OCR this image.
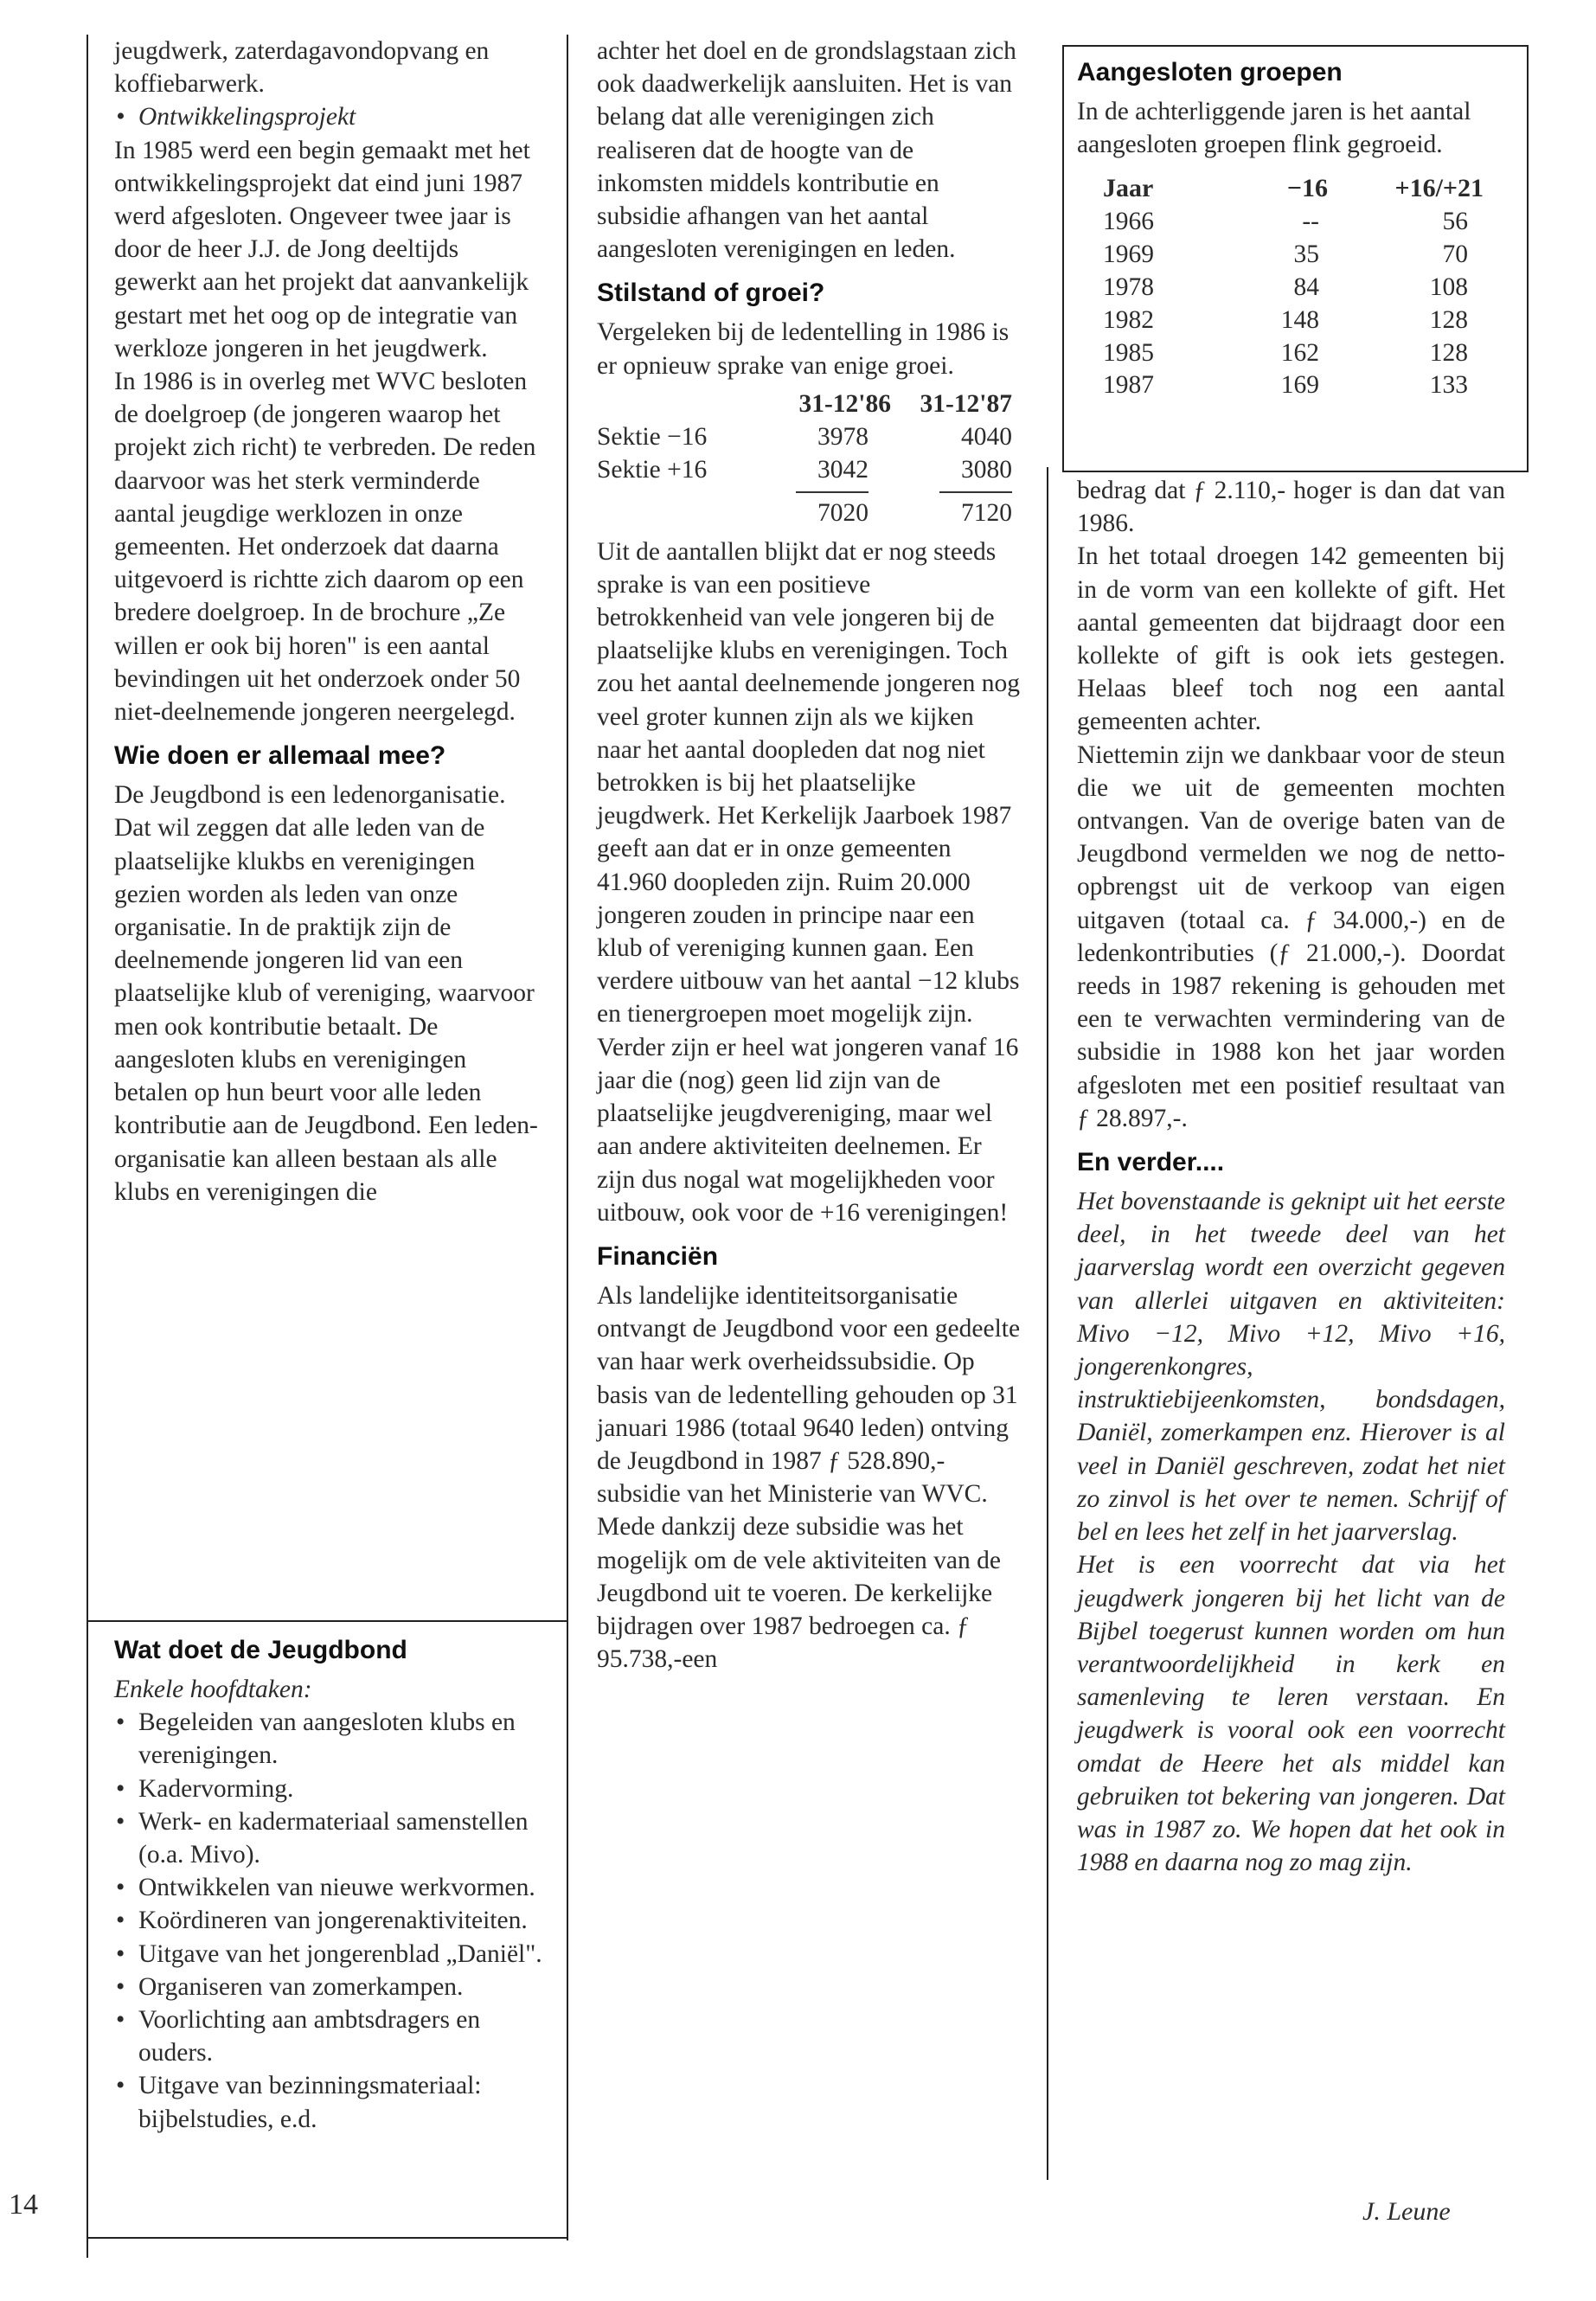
jeugdwerk, zaterdagavondopvang en koffiebarwerk.

• Ontwikkelingsprojekt

In 1985 werd een begin gemaakt met het ontwikkelingsprojekt dat eind juni 1987 werd afgesloten. Ongeveer twee jaar is door de heer J.J. de Jong deeltijds gewerkt aan het projekt dat aanvankelijk gestart met het oog op de integratie van werkloze jongeren in het jeugdwerk.

In 1986 is in overleg met WVC besloten de doelgroep (de jongeren waarop het projekt zich richt) te verbreden. De reden daarvoor was het sterk verminderde aantal jeugdige werklozen in onze gemeenten. Het onderzoek dat daarna uitgevoerd is richtte zich daarom op een bredere doelgroep. In de brochure „Ze willen er ook bij horen" is een aantal bevindingen uit het onderzoek onder 50 niet-deelnemende jongeren neergelegd.

Wie doen er allemaal mee?

De Jeugdbond is een ledenorganisatie. Dat wil zeggen dat alle leden van de plaatselijke klukbs en verenigingen gezien worden als leden van onze organisatie. In de praktijk zijn de deelnemende jongeren lid van een plaatselijke klub of vereniging, waarvoor men ook kontributie betaalt. De aangesloten klubs en verenigingen betalen op hun beurt voor alle leden kontributie aan de Jeugdbond. Een leden-organisatie kan alleen bestaan als alle klubs en verenigingen die

Wat doet de Jeugdbond

Enkele hoofdtaken:

• Begeleiden van aangesloten klubs en verenigingen.

• Kadervorming.

• Werk- en kadermateriaal samenstellen (o.a. Mivo).

• Ontwikkelen van nieuwe werkvormen.

• Koördineren van jongerenaktiviteiten.

• Uitgave van het jongerenblad „Daniël".

• Organiseren van zomerkampen.

• Voorlichting aan ambtsdragers en ouders.

• Uitgave van bezinningsmateriaal: bijbelstudies, e.d.

achter het doel en de grondslagstaan zich ook daadwerkelijk aansluiten. Het is van belang dat alle verenigingen zich realiseren dat de hoogte van de inkomsten middels kontributie en subsidie afhangen van het aantal aangesloten verenigingen en leden.

Stilstand of groei?

Vergeleken bij de ledentelling in 1986 is er opnieuw sprake van enige groei.

	31-12'86	31-12'87
Sektie −16	3978	4040
Sektie +16	3042	3080
	7020	7120

Uit de aantallen blijkt dat er nog steeds sprake is van een positieve betrokkenheid van vele jongeren bij de plaatselijke klubs en verenigingen. Toch zou het aantal deelnemende jongeren nog veel groter kunnen zijn als we kijken naar het aantal doopleden dat nog niet betrokken is bij het plaatselijke jeugdwerk. Het Kerkelijk Jaarboek 1987 geeft aan dat er in onze gemeenten 41.960 doopleden zijn. Ruim 20.000 jongeren zouden in principe naar een klub of vereniging kunnen gaan. Een verdere uitbouw van het aantal −12 klubs en tienergroepen moet mogelijk zijn. Verder zijn er heel wat jongeren vanaf 16 jaar die (nog) geen lid zijn van de plaatselijke jeugdvereniging, maar wel aan andere aktiviteiten deelnemen. Er zijn dus nogal wat mogelijkheden voor uitbouw, ook voor de +16 verenigingen!

Financiën

Als landelijke identiteitsorganisatie ontvangt de Jeugdbond voor een gedeelte van haar werk overheidssubsidie. Op basis van de ledentelling gehouden op 31 januari 1986 (totaal 9640 leden) ontving de Jeugdbond in 1987 ƒ 528.890,- subsidie van het Ministerie van WVC. Mede dankzij deze subsidie was het mogelijk om de vele aktiviteiten van de Jeugdbond uit te voeren. De kerkelijke bijdragen over 1987 bedroegen ca. ƒ 95.738,-een

Aangesloten groepen

In de achterliggende jaren is het aantal aangesloten groepen flink gegroeid.

Jaar	−16	+16/+21
1966	--	56
1969	35	70
1978	84	108
1982	148	128
1985	162	128
1987	169	133

bedrag dat ƒ 2.110,- hoger is dan dat van 1986.

In het totaal droegen 142 gemeenten bij in de vorm van een kollekte of gift. Het aantal gemeenten dat bijdraagt door een kollekte of gift is ook iets gestegen. Helaas bleef toch nog een aantal gemeenten achter.

Niettemin zijn we dankbaar voor de steun die we uit de gemeenten mochten ontvangen. Van de overige baten van de Jeugdbond vermelden we nog de netto-opbrengst uit de verkoop van eigen uitgaven (totaal ca. ƒ 34.000,-) en de ledenkontributies (ƒ 21.000,-). Doordat reeds in 1987 rekening is gehouden met een te verwachten vermindering van de subsidie in 1988 kon het jaar worden afgesloten met een positief resultaat van ƒ 28.897,-.

En verder....

Het bovenstaande is geknipt uit het eerste deel, in het tweede deel van het jaarverslag wordt een overzicht gegeven van allerlei uitgaven en aktiviteiten: Mivo −12, Mivo +12, Mivo +16, jongerenkongres, instruktiebijeenkomsten, bondsdagen, Daniël, zomerkampen enz. Hierover is al veel in Daniël geschreven, zodat het niet zo zinvol is het over te nemen. Schrijf of bel en lees het zelf in het jaarverslag.

Het is een voorrecht dat via het jeugdwerk jongeren bij het licht van de Bijbel toegerust kunnen worden om hun verantwoordelijkheid in kerk en samenleving te leren verstaan. En jeugdwerk is vooral ook een voorrecht omdat de Heere het als middel kan gebruiken tot bekering van jongeren. Dat was in 1987 zo. We hopen dat het ook in 1988 en daarna nog zo mag zijn.

J. Leune
14
